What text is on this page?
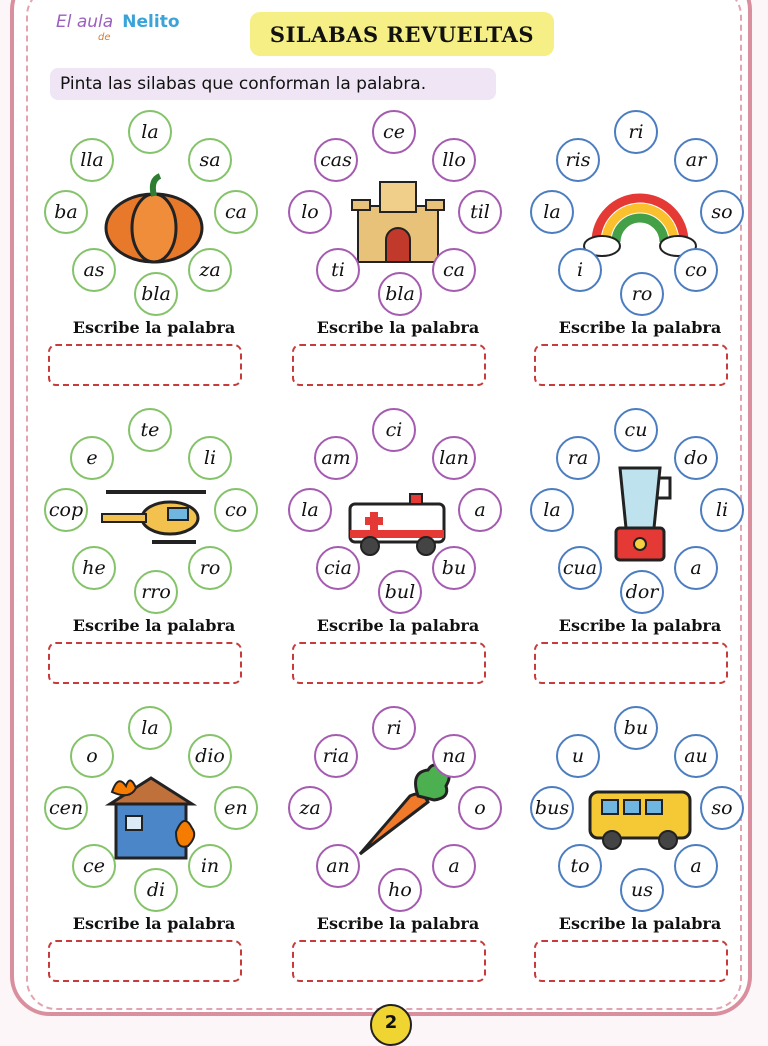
El aula
de
Nelito	SILABAS REVUELTAS
Pinta las silabas que conforman la palabra.
la
lla	sa
ba	ca
as
bla
za
Escribe la palabra
ce
cas	llo
lo	til
ti
bla
ca
Escribe la palabra
ri
ris	ar
la	so
i
ro
co
Escribe la palabra
te
e	li
cop	co
he
rro
ro
Escribe la palabra
ci
am	lan
la	a
cia
bul
bu
Escribe la palabra
cu
ra	do
la	li
cua
dor
a
Escribe la palabra
la
o	dio
cen	en
ce
di
in
Escribe la palabra
ri
ria	na
za	o
an
ho
a
Escribe la palabra
bu
u	au
bus	so
to
us
a
Escribe la palabra
2
